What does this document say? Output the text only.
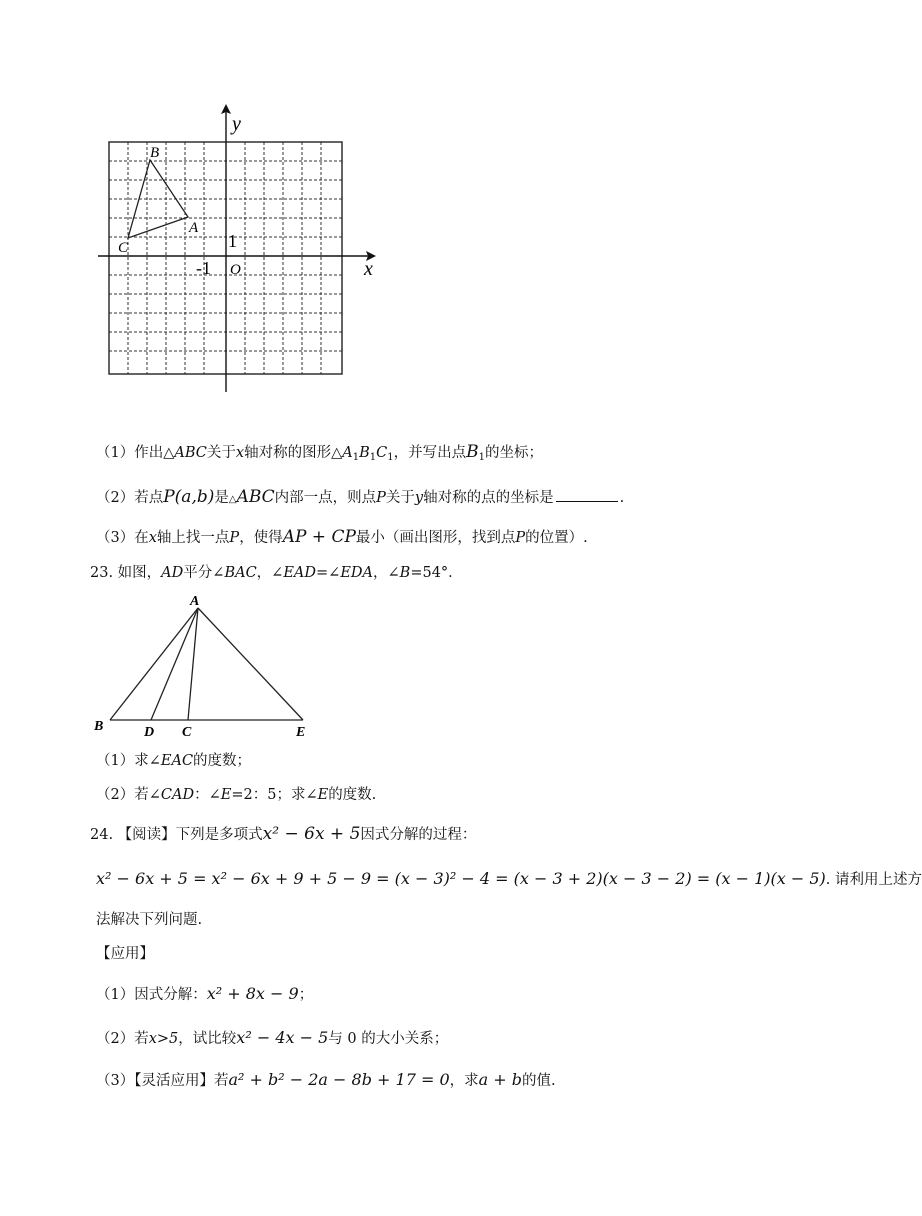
y
x
O
1
-1
B
A
C
（1）作出△ABC关于x轴对称的图形$\triangle A_1B_1C_1$，并写出点$B_1$的坐标；
（2）若点P(a,b)是△ABC内部一点，则点P关于y轴对称的点的坐标是	.
（3）在x轴上找一点P，使得AP + CP最小（画出图形，找到点P的位置）.
23. 如图，AD平分∠BAC，∠EAD=∠EDA，∠B=54°．
A
B	D C	E
（1）求∠EAC的度数；
（2）若∠CAD：∠E=2：5；求∠E的度数.
24. 【阅读】下列是多项式x² − 6x + 5因式分解的过程：
x² − 6x + 5 = x² − 6x + 9 + 5 − 9 = (x − 3)² − 4 = (x − 3 + 2)(x − 3 − 2) = (x − 1)(x − 5). 请利用上述方
法解决下列问题.
【应用】
（1）因式分解：x² + 8x − 9；
（2）若x>5，试比较x² − 4x − 5与 0 的大小关系；
（3）【灵活应用】若a² + b² − 2a − 8b + 17 = 0，求a + b的值.
